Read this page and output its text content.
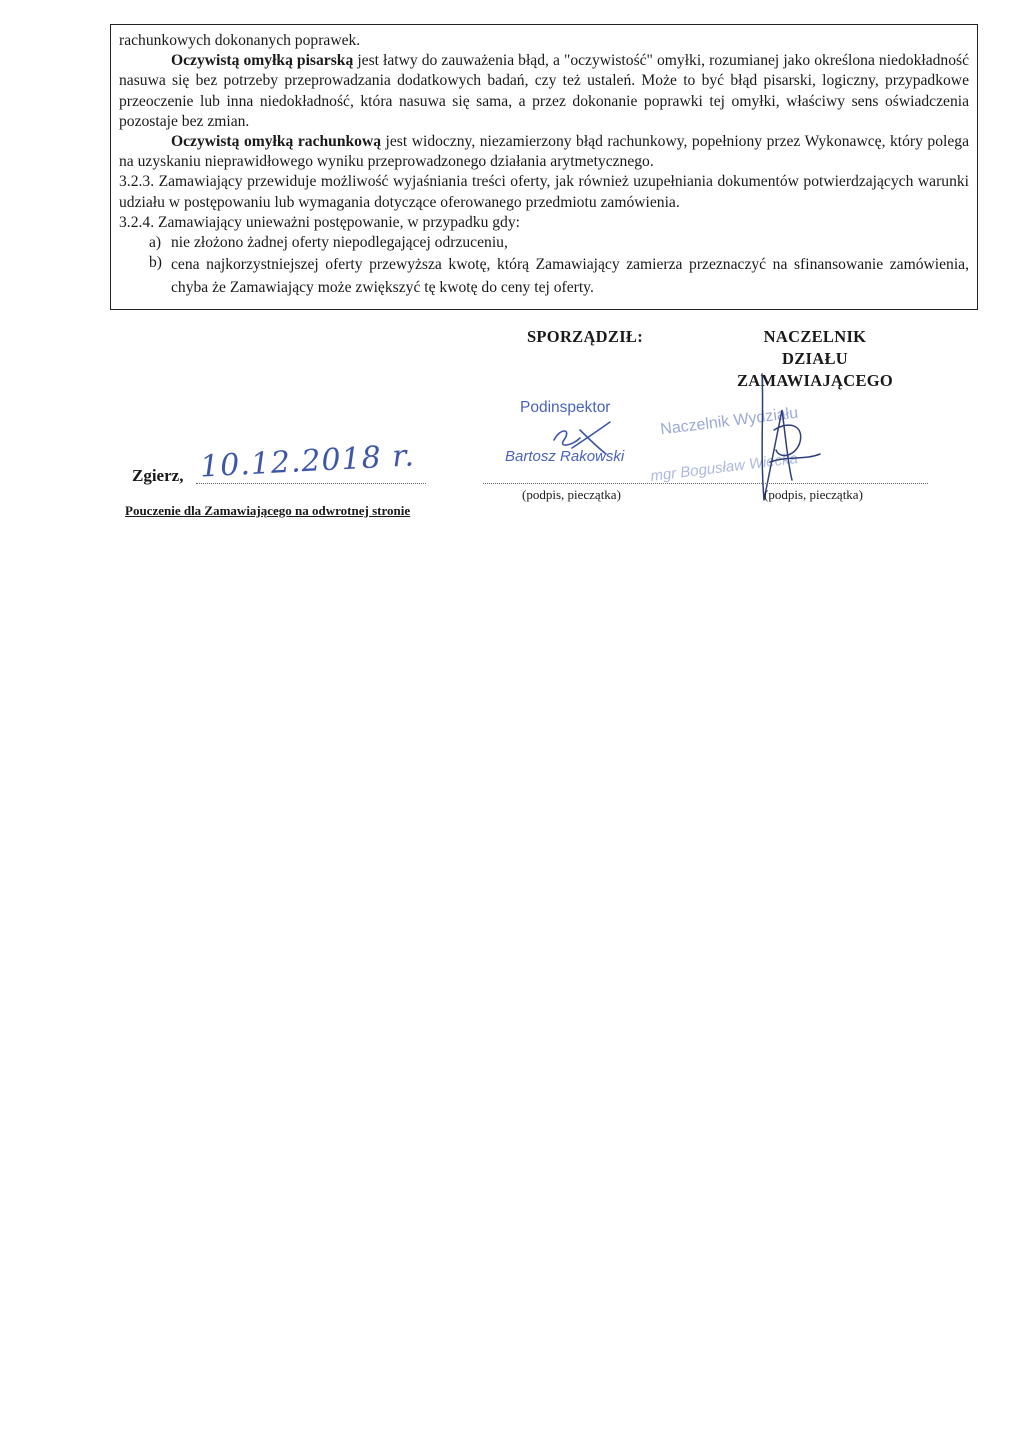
rachunkowych dokonanych poprawek.

Oczywistą omyłką pisarską jest łatwy do zauważenia błąd, a "oczywistość" omyłki, rozumianej jako określona niedokładność nasuwa się bez potrzeby przeprowadzania dodatkowych badań, czy też ustaleń. Może to być błąd pisarski, logiczny, przypadkowe przeoczenie lub inna niedokładność, która nasuwa się sama, a przez dokonanie poprawki tej omyłki, właściwy sens oświadczenia pozostaje bez zmian.

Oczywistą omyłką rachunkową jest widoczny, niezamierzony błąd rachunkowy, popełniony przez Wykonawcę, który polega na uzyskaniu nieprawidłowego wyniku przeprowadzonego działania arytmetycznego.

3.2.3. Zamawiający przewiduje możliwość wyjaśniania treści oferty, jak również uzupełniania dokumentów potwierdzających warunki udziału w postępowaniu lub wymagania dotyczące oferowanego przedmiotu zamówienia.

3.2.4. Zamawiający unieważni postępowanie, w przypadku gdy:

a) nie złożono żadnej oferty niepodlegającej odrzuceniu,
b) cena najkorzystniejszej oferty przewyższa kwotę, którą Zamawiający zamierza przeznaczyć na sfinansowanie zamówienia, chyba że Zamawiający może zwiększyć tę kwotę do ceny tej oferty.
SPORZĄDZIŁ:	NACZELNIK DZIAŁU ZAMAWIAJĄCEGO
Podinspektor
Bartosz Rakowski
Naczelnik Wydziału
mgr Bogusław Wiecka
Zgierz, 10.12.2018 r.
(podpis, pieczątka)	(podpis, pieczątka)
Pouczenie dla Zamawiającego na odwrotnej stronie
